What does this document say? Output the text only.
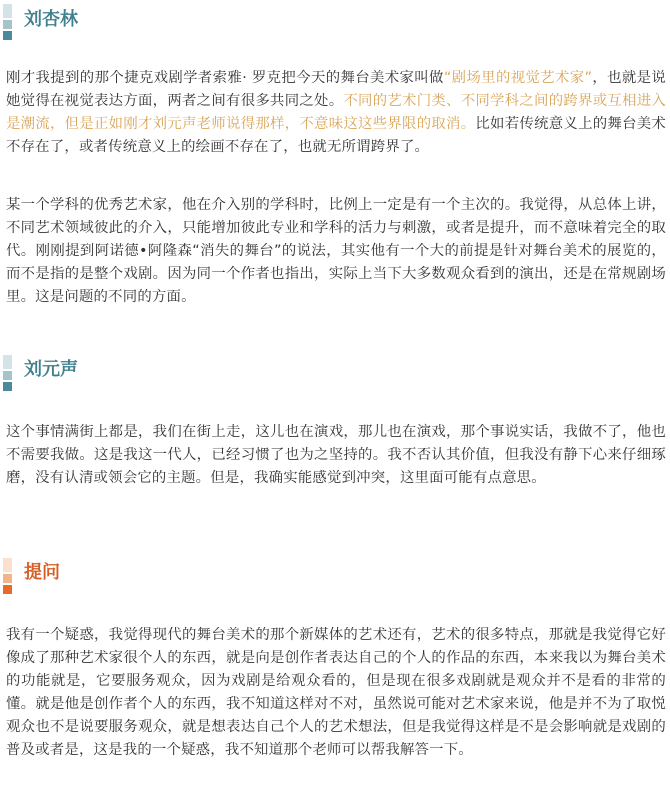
刘杏林
刚才我提到的那个捷克戏剧学者索雅· 罗克把今天的舞台美术家叫做“剧场里的视觉艺术家”，也就是说她觉得在视觉表达方面，两者之间有很多共同之处。不同的艺术门类、不同学科之间的跨界或互相进入是潮流，但是正如刚才刘元声老师说得那样，不意味这这些界限的取消。比如若传统意义上的舞台美术不存在了，或者传统意义上的绘画不存在了，也就无所谓跨界了。
某一个学科的优秀艺术家，他在介入别的学科时，比例上一定是有一个主次的。我觉得，从总体上讲，不同艺术领域彼此的介入，只能增加彼此专业和学科的活力与刺激，或者是提升，而不意味着完全的取代。刚刚提到阿诺德•阿隆森“消失的舞台”的说法，其实他有一个大的前提是针对舞台美术的展览的，而不是指的是整个戏剧。因为同一个作者也指出，实际上当下大多数观众看到的演出，还是在常规剧场里。这是问题的不同的方面。
刘元声
这个事情满街上都是，我们在街上走，这儿也在演戏，那儿也在演戏，那个事说实话，我做不了，他也不需要我做。这是我这一代人，已经习惯了也为之坚持的。我不否认其价值，但我没有静下心来仔细琢磨，没有认清或领会它的主题。但是，我确实能感觉到冲突，这里面可能有点意思。
提问
我有一个疑惑，我觉得现代的舞台美术的那个新媒体的艺术还有，艺术的很多特点，那就是我觉得它好像成了那种艺术家很个人的东西，就是向是创作者表达自己的个人的作品的东西，本来我以为舞台美术的功能就是，它要服务观众，因为戏剧是给观众看的，但是现在很多戏剧就是观众并不是看的非常的懂。就是他是创作者个人的东西，我不知道这样对不对，虽然说可能对艺术家来说，他是并不为了取悦观众也不是说要服务观众，就是想表达自己个人的艺术想法，但是我觉得这样是不是会影响就是戏剧的普及或者是，这是我的一个疑惑，我不知道那个老师可以帮我解答一下。
